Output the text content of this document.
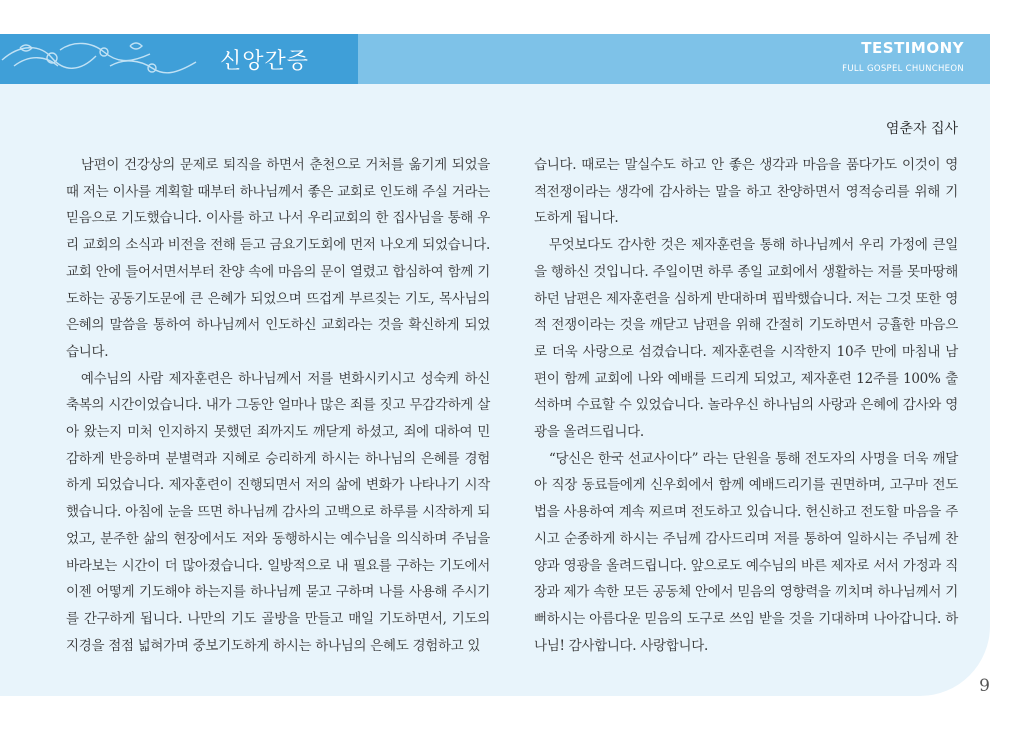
신앙간증
TESTIMONY
FULL GOSPEL CHUNCHEON
염춘자 집사

남편이 건강상의 문제로 퇴직을 하면서 춘천으로 거처를 옮기게 되었을 때 저는 이사를 계획할 때부터 하나님께서 좋은 교회로 인도해 주실 거라는 믿음으로 기도했습니다. 이사를 하고 나서 우리교회의 한 집사님을 통해 우리 교회의 소식과 비전을 전해 듣고 금요기도회에 먼저 나오게 되었습니다. 교회 안에 들어서면서부터 찬양 속에 마음의 문이 열렸고 합심하여 함께 기도하는 공동기도문에 큰 은혜가 되었으며 뜨겁게 부르짖는 기도, 목사님의 은혜의 말씀을 통하여 하나님께서 인도하신 교회라는 것을 확신하게 되었습니다.

예수님의 사람 제자훈련은 하나님께서 저를 변화시키시고 성숙케 하신 축복의 시간이었습니다. 내가 그동안 얼마나 많은 죄를 짓고 무감각하게 살아 왔는지 미처 인지하지 못했던 죄까지도 깨닫게 하셨고, 죄에 대하여 민감하게 반응하며 분별력과 지혜로 승리하게 하시는 하나님의 은혜를 경험하게 되었습니다. 제자훈련이 진행되면서 저의 삶에 변화가 나타나기 시작했습니다. 아침에 눈을 뜨면 하나님께 감사의 고백으로 하루를 시작하게 되었고, 분주한 삶의 현장에서도 저와 동행하시는 예수님을 의식하며 주님을 바라보는 시간이 더 많아졌습니다. 일방적으로 내 필요를 구하는 기도에서 이젠 어떻게 기도해야 하는지를 하나님께 묻고 구하며 나를 사용해 주시기를 간구하게 됩니다. 나만의 기도 골방을 만들고 매일 기도하면서, 기도의 지경을 점점 넓혀가며 중보기도하게 하시는 하나님의 은혜도 경험하고 있

습니다. 때로는 말실수도 하고 안 좋은 생각과 마음을 품다가도 이것이 영적전쟁이라는 생각에 감사하는 말을 하고 찬양하면서 영적승리를 위해 기도하게 됩니다.

무엇보다도 감사한 것은 제자훈련을 통해 하나님께서 우리 가정에 큰일을 행하신 것입니다. 주일이면 하루 종일 교회에서 생활하는 저를 못마땅해 하던 남편은 제자훈련을 심하게 반대하며 핍박했습니다. 저는 그것 또한 영적 전쟁이라는 것을 깨닫고 남편을 위해 간절히 기도하면서 긍휼한 마음으로 더욱 사랑으로 섬겼습니다. 제자훈련을 시작한지 10주 만에 마침내 남편이 함께 교회에 나와 예배를 드리게 되었고, 제자훈련 12주를 100% 출석하며 수료할 수 있었습니다. 놀라우신 하나님의 사랑과 은혜에 감사와 영광을 올려드립니다.

“당신은 한국 선교사이다” 라는 단원을 통해 전도자의 사명을 더욱 깨달아 직장 동료들에게 신우회에서 함께 예배드리기를 권면하며, 고구마 전도법을 사용하여 계속 찌르며 전도하고 있습니다. 헌신하고 전도할 마음을 주시고 순종하게 하시는 주님께 감사드리며 저를 통하여 일하시는 주님께 찬양과 영광을 올려드립니다. 앞으로도 예수님의 바른 제자로 서서 가정과 직장과 제가 속한 모든 공동체 안에서 믿음의 영향력을 끼치며 하나님께서 기뻐하시는 아름다운 믿음의 도구로 쓰임 받을 것을 기대하며 나아갑니다. 하나님! 감사합니다. 사랑합니다.

9
